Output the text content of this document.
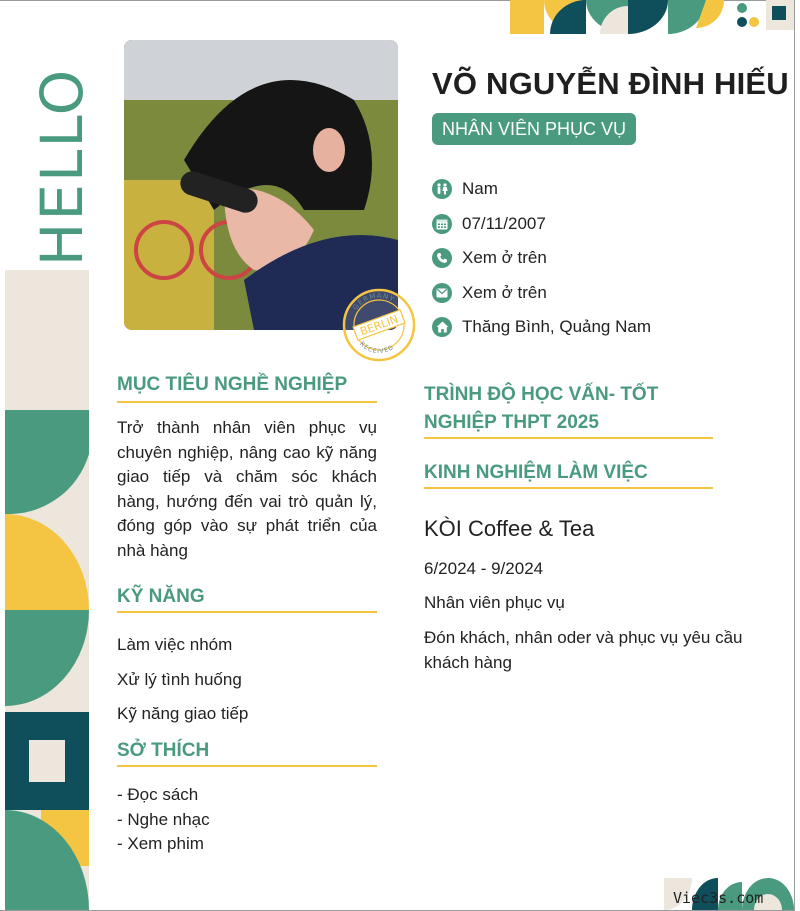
HELLO
GERMANY
BERLIN
RECEIVED
VÕ NGUYỄN ĐÌNH HIẾU
NHÂN VIÊN PHỤC VỤ
Nam
07/11/2007
Xem ở trên
Xem ở trên
Thăng Bình, Quảng Nam
MỤC TIÊU NGHỀ NGHIỆP
Trở thành nhân viên phục vụ chuyên nghiệp, nâng cao kỹ năng giao tiếp và chăm sóc khách hàng, hướng đến vai trò quản lý, đóng góp vào sự phát triển của nhà hàng
KỸ NĂNG
Làm việc nhóm
Xử lý tình huống
Kỹ năng giao tiếp
SỞ THÍCH
- Đọc sách
- Nghe nhạc
- Xem phim
TRÌNH ĐỘ HỌC VẤN- TỐT
NGHIỆP THPT 2025
KINH NGHIỆM LÀM VIỆC
KÒI Coffee & Tea
6/2024 - 9/2024
Nhân viên phục vụ
Đón khách, nhân oder và phục vụ yêu cầu khách hàng
Viec3s.com
